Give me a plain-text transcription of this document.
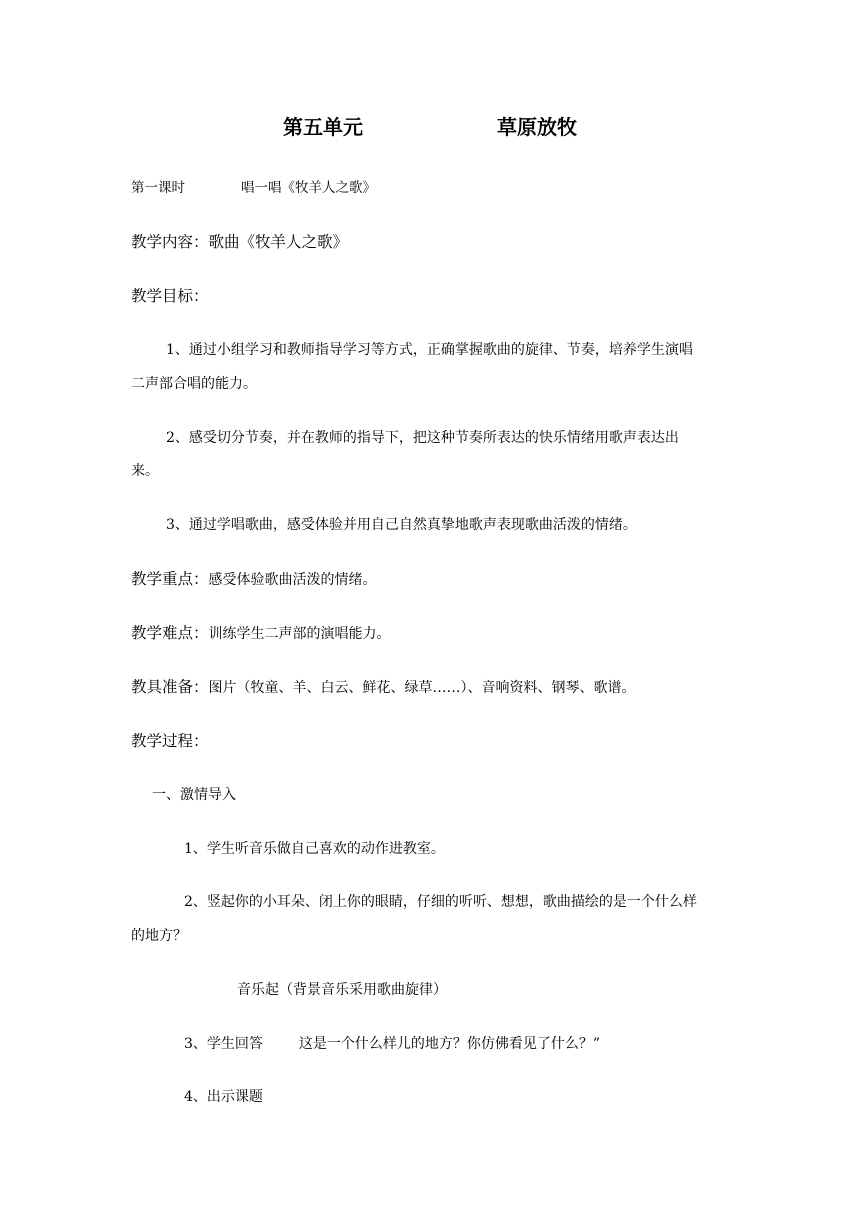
第五单元	草原放牧
第一课时	唱一唱《牧羊人之歌》
教学内容：歌曲《牧羊人之歌》
教学目标：
1、通过小组学习和教师指导学习等方式，正确掌握歌曲的旋律、节奏，培养学生演唱
二声部合唱的能力。
2、感受切分节奏，并在教师的指导下，把这种节奏所表达的快乐情绪用歌声表达出
来。
3、通过学唱歌曲，感受体验并用自己自然真挚地歌声表现歌曲活泼的情绪。
教学重点：感受体验歌曲活泼的情绪。
教学难点：训练学生二声部的演唱能力。
教具准备：图片（牧童、羊、白云、鲜花、绿草……）、音响资料、钢琴、歌谱。
教学过程：
一、激情导入
1、学生听音乐做自己喜欢的动作进教室。
2、竖起你的小耳朵、闭上你的眼睛，仔细的听听、想想，歌曲描绘的是一个什么样
的地方？
音乐起（背景音乐采用歌曲旋律）
3、学生回答	这是一个什么样儿的地方？你仿佛看见了什么？”
4、出示课题
